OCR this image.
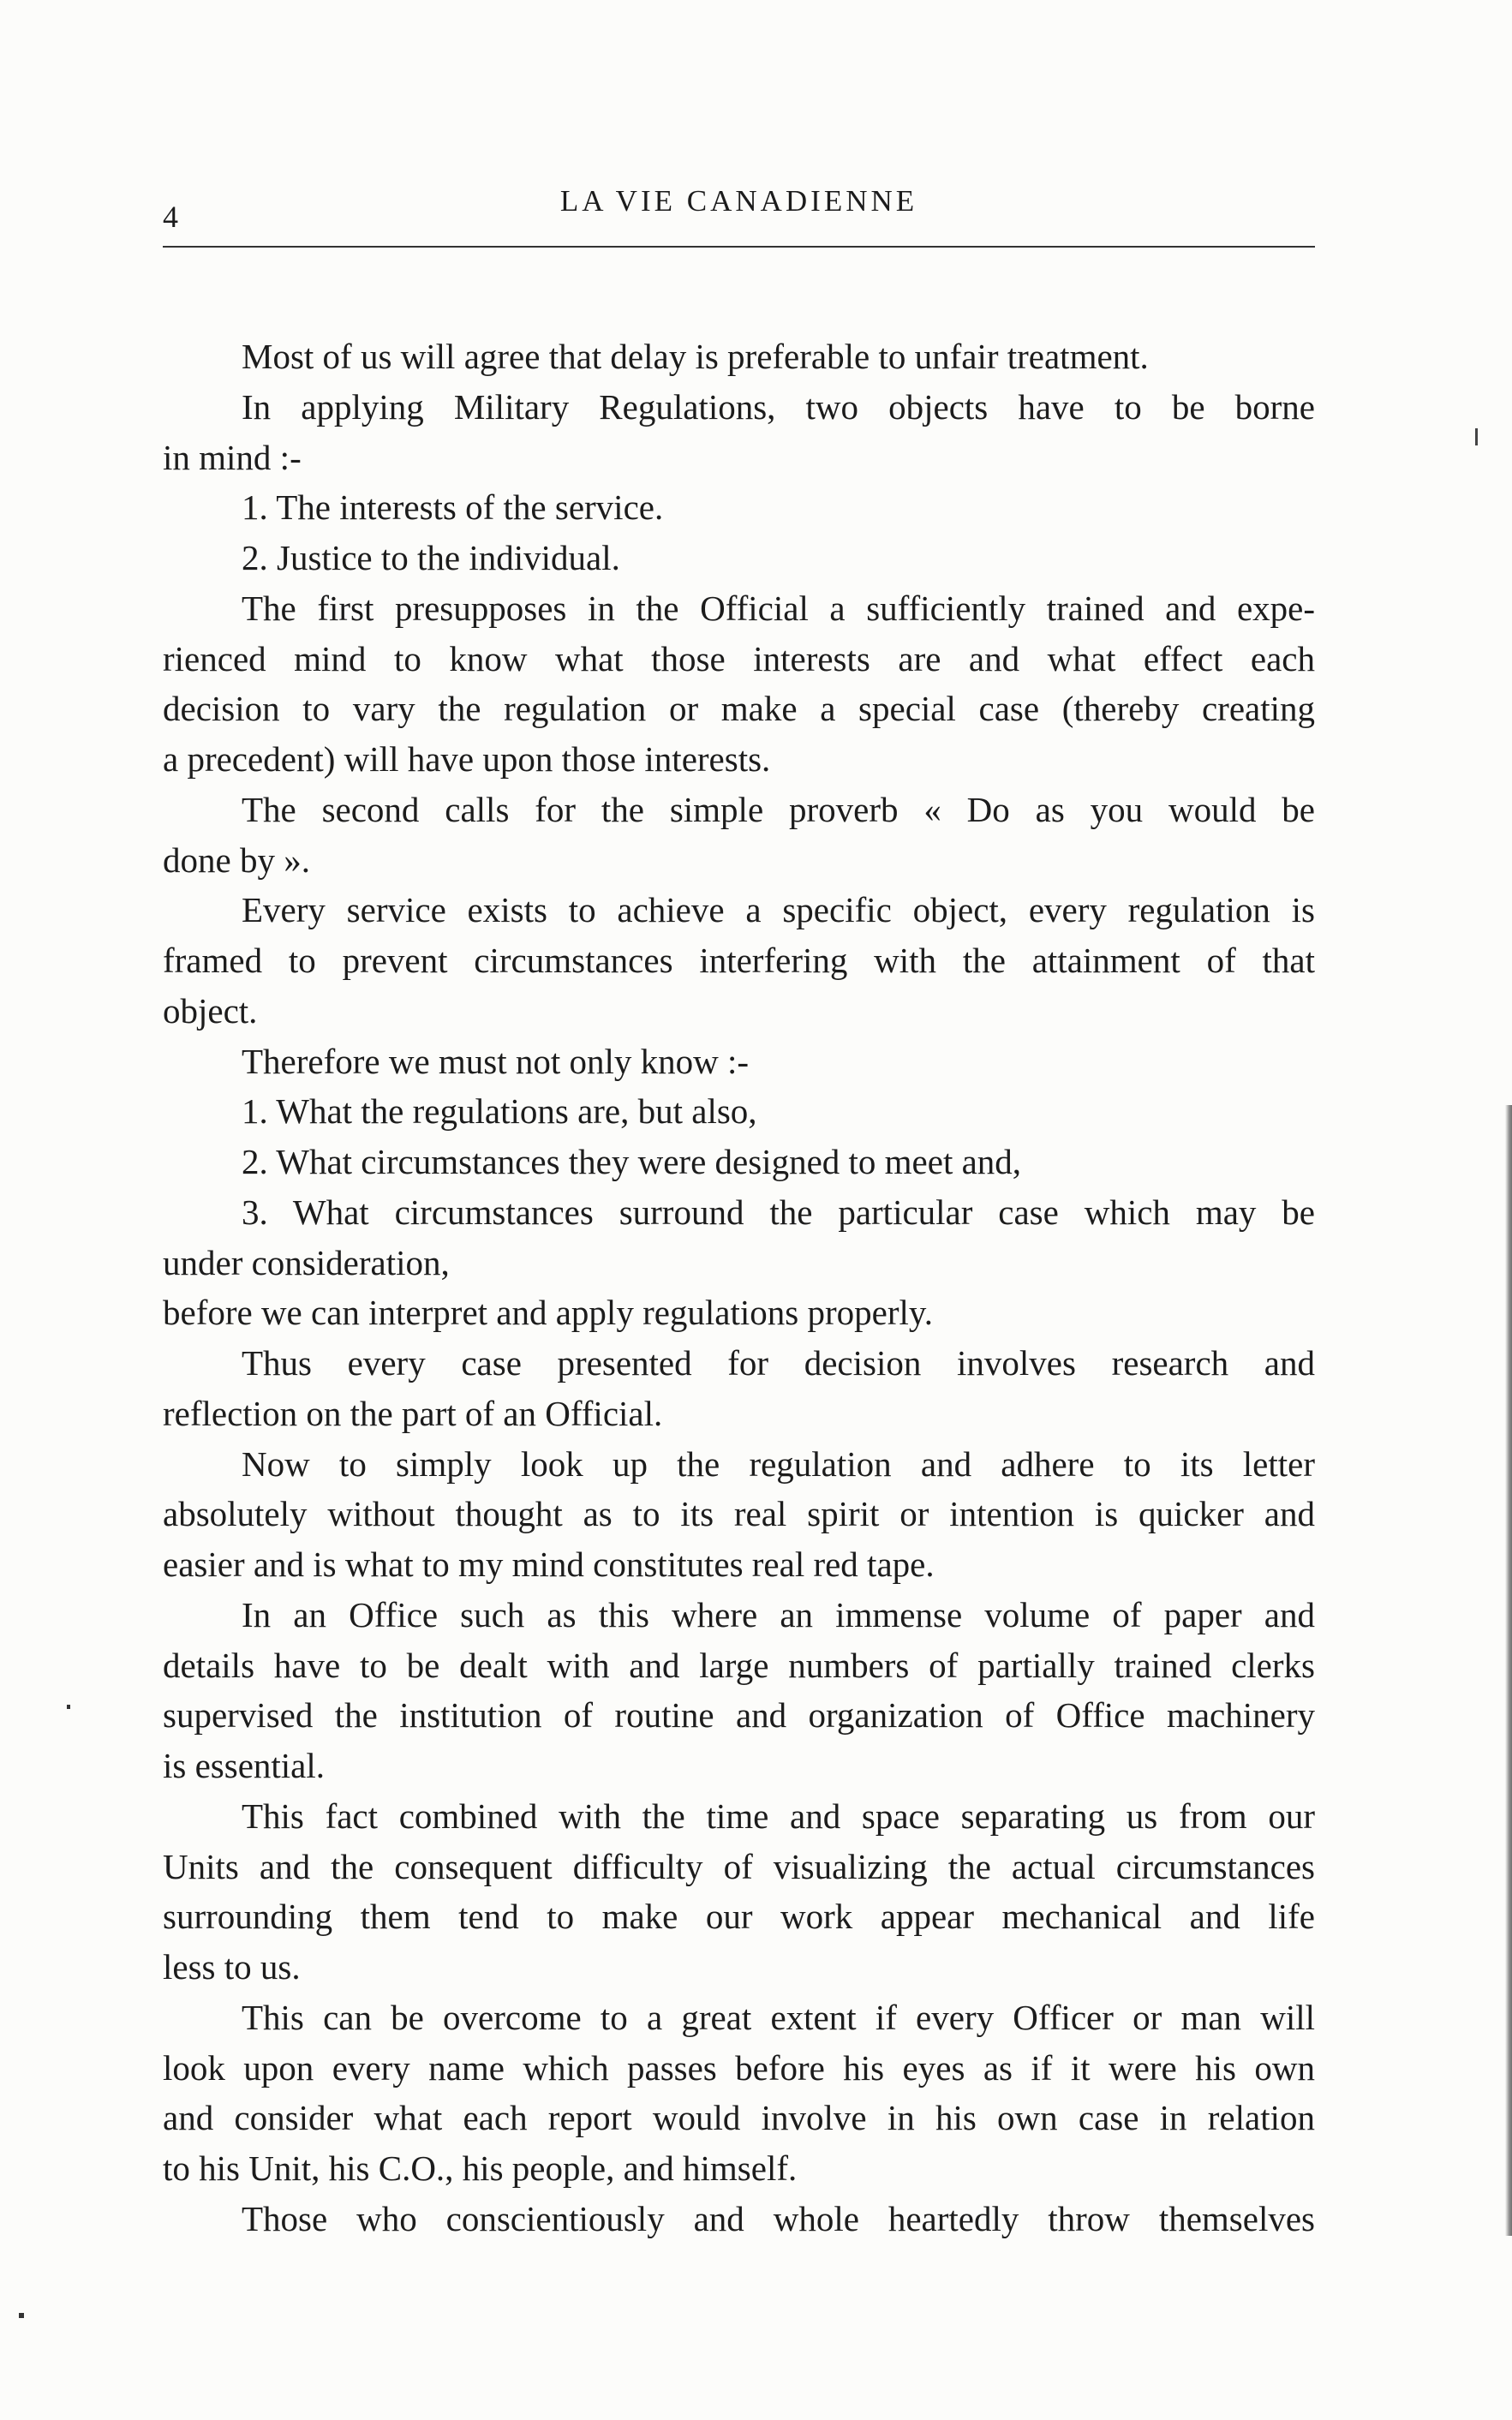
4	LA VIE CANADIENNE
Most of us will agree that delay is preferable to unfair treatment.
In applying Military Regulations, two objects have to be borne
in mind :-
1. The interests of the service.
2. Justice to the individual.
The first presupposes in the Official a sufficiently trained and expe-
rienced mind to know what those interests are and what effect each
decision to vary the regulation or make a special case (thereby creating
a precedent) will have upon those interests.
The second calls for the simple proverb « Do as you would be
done by ».
Every service exists to achieve a specific object, every regulation is
framed to prevent circumstances interfering with the attainment of that
object.
Therefore we must not only know :-
1. What the regulations are, but also,
2. What circumstances they were designed to meet and,
3. What circumstances surround the particular case which may be
under consideration,
before we can interpret and apply regulations properly.
Thus every case presented for decision involves research and
reflection on the part of an Official.
Now to simply look up the regulation and adhere to its letter
absolutely without thought as to its real spirit or intention is quicker and
easier and is what to my mind constitutes real red tape.
In an Office such as this where an immense volume of paper and
details have to be dealt with and large numbers of partially trained clerks
supervised the institution of routine and organization of Office machinery
is essential.
This fact combined with the time and space separating us from our
Units and the consequent difficulty of visualizing the actual circumstances
surrounding them tend to make our work appear mechanical and life
less to us.
This can be overcome to a great extent if every Officer or man will
look upon every name which passes before his eyes as if it were his own
and consider what each report would involve in his own case in relation
to his Unit, his C.O., his people, and himself.
Those who conscientiously and whole heartedly throw themselves
